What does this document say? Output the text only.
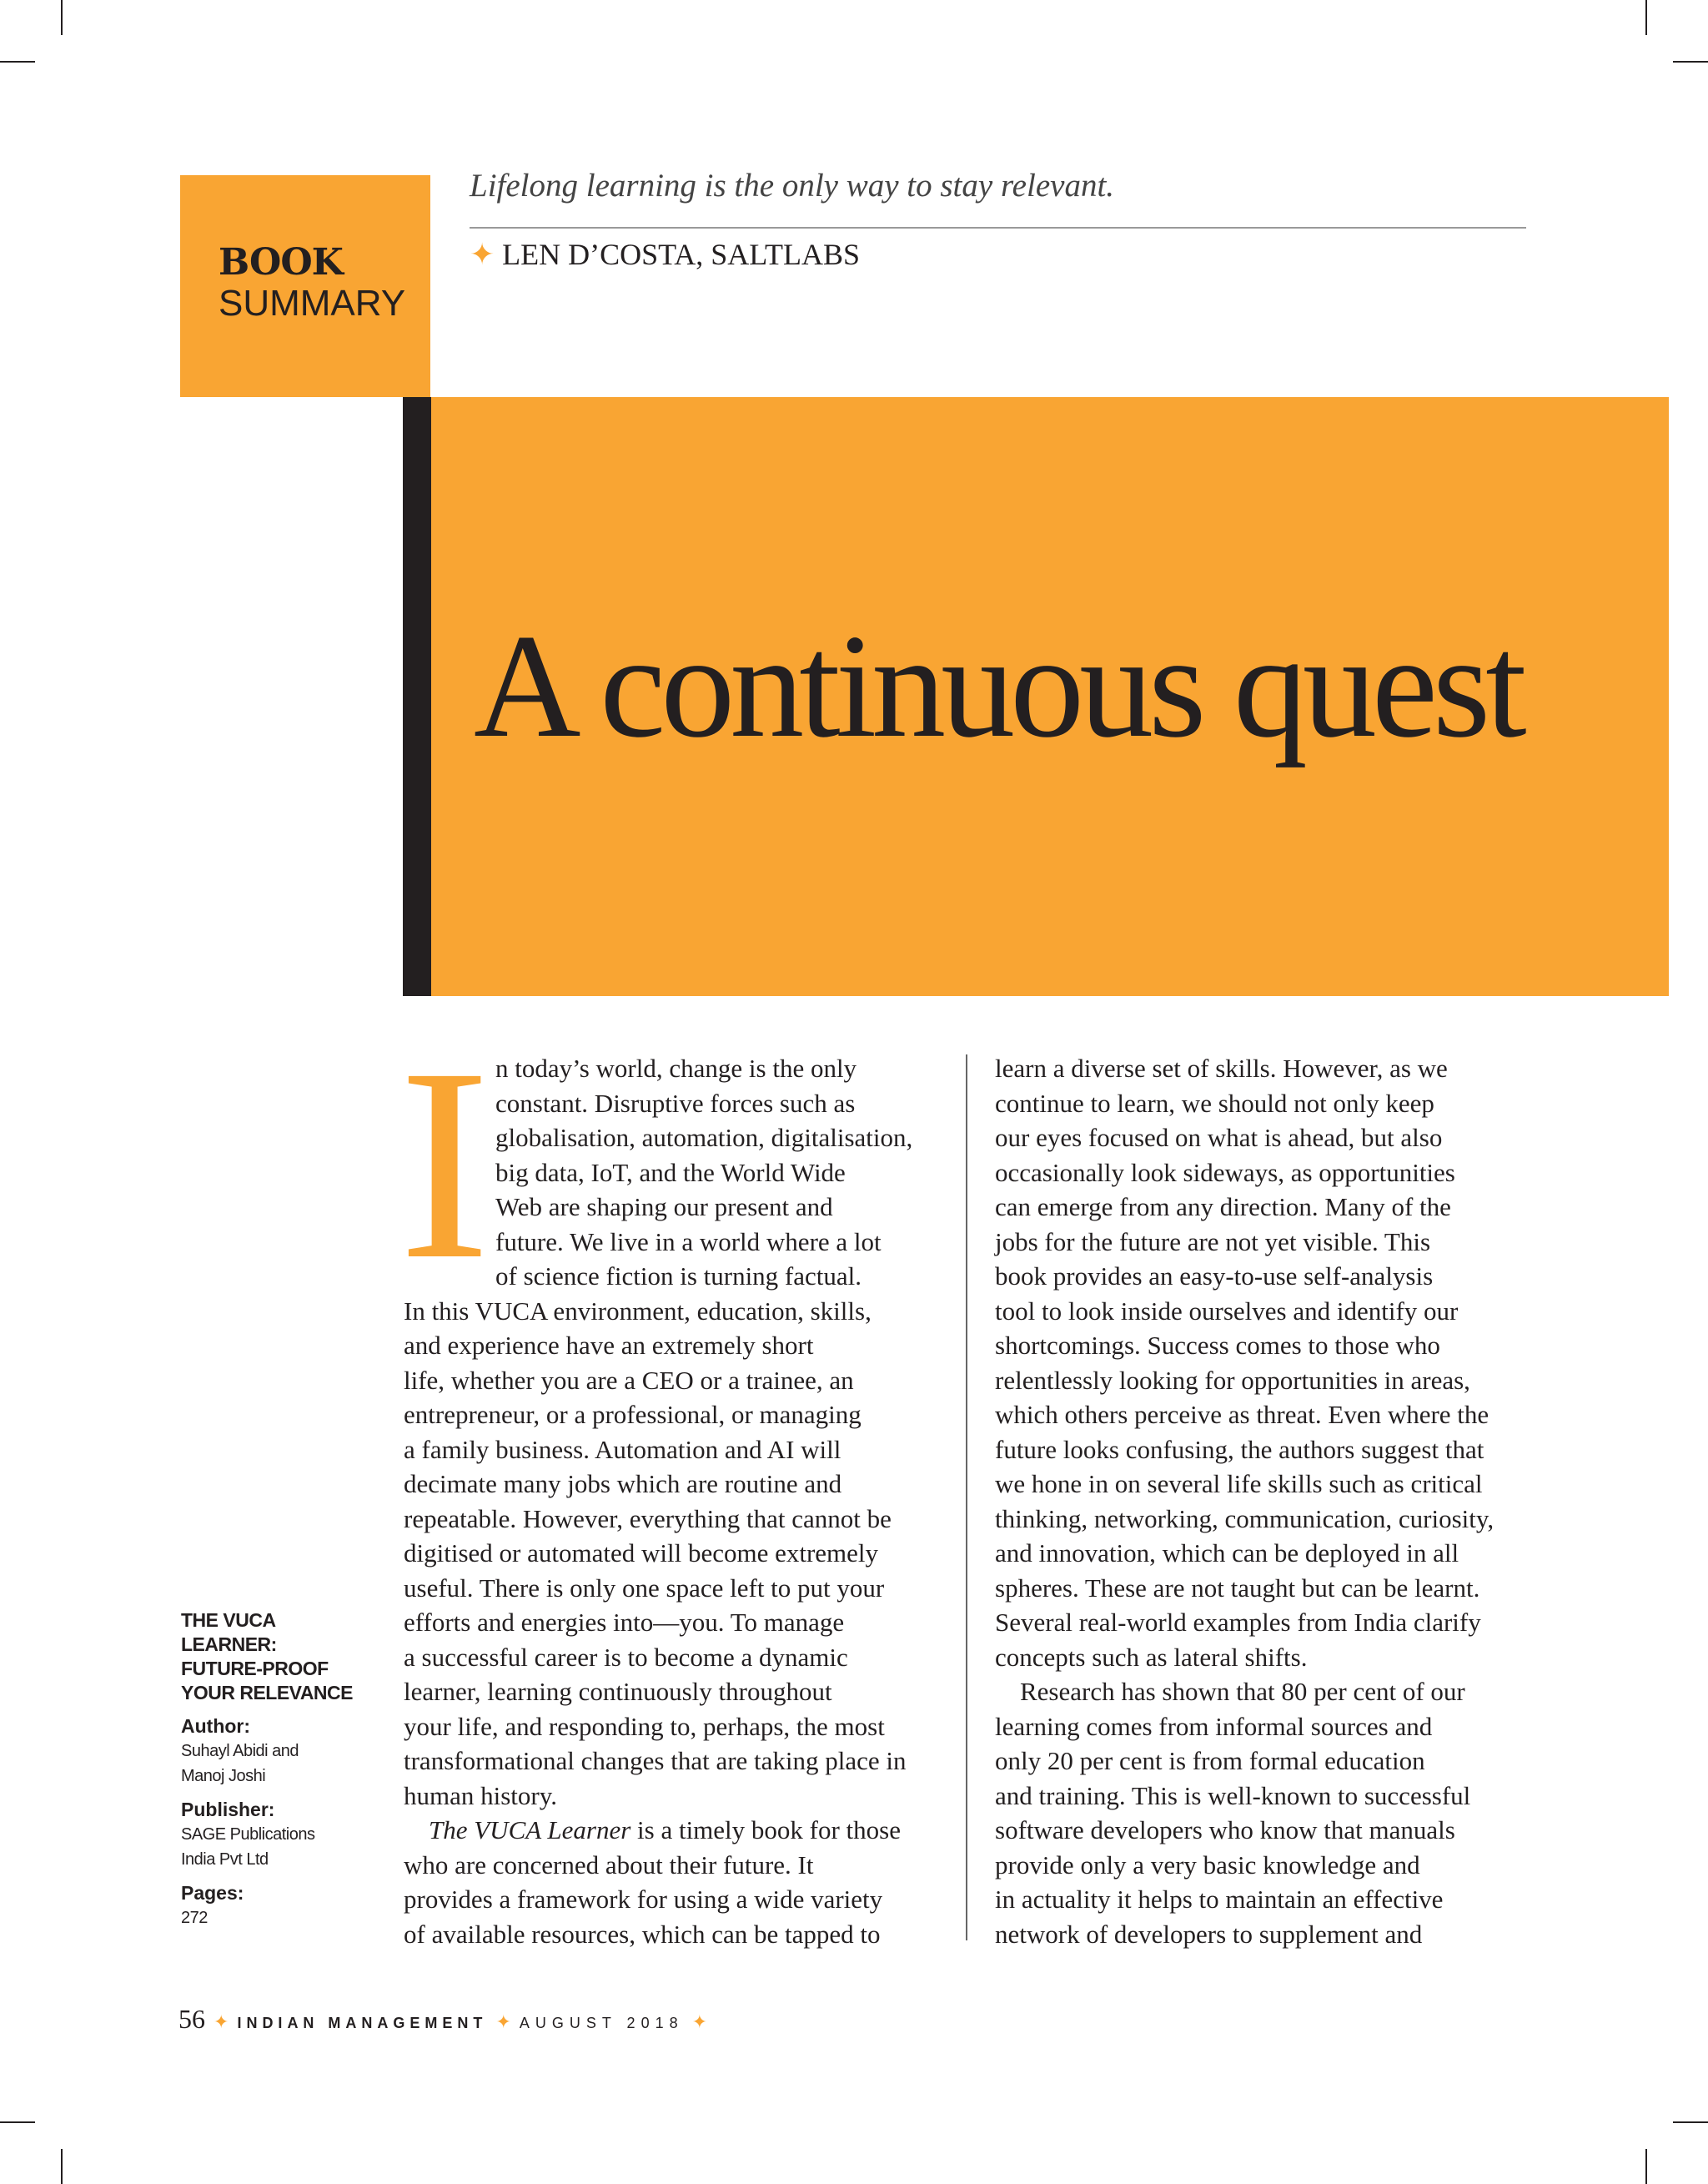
BOOK
SUMMARY
Lifelong learning is the only way to stay relevant.
✦ LEN D’COSTA, SALTLABS
A continuous quest
I n today’s world, change is the only
constant. Disruptive forces such as
globalisation, automation, digitalisation,
big data, IoT, and the World Wide
Web are shaping our present and
future. We live in a world where a lot
of science fiction is turning factual.
In this VUCA environment, education, skills,
and experience have an extremely short
life, whether you are a CEO or a trainee, an
entrepreneur, or a professional, or managing
a family business. Automation and AI will
decimate many jobs which are routine and
repeatable. However, everything that cannot be
digitised or automated will become extremely
useful. There is only one space left to put your
efforts and energies into—you. To manage
a successful career is to become a dynamic
learner, learning continuously throughout
your life, and responding to, perhaps, the most
transformational changes that are taking place in
human history.
The VUCA Learner is a timely book for those
who are concerned about their future. It
provides a framework for using a wide variety
of available resources, which can be tapped to
learn a diverse set of skills. However, as we
continue to learn, we should not only keep
our eyes focused on what is ahead, but also
occasionally look sideways, as opportunities
can emerge from any direction. Many of the
jobs for the future are not yet visible. This
book provides an easy-to-use self-analysis
tool to look inside ourselves and identify our
shortcomings. Success comes to those who
relentlessly looking for opportunities in areas,
which others perceive as threat. Even where the
future looks confusing, the authors suggest that
we hone in on several life skills such as critical
thinking, networking, communication, curiosity,
and innovation, which can be deployed in all
spheres. These are not taught but can be learnt.
Several real-world examples from India clarify
concepts such as lateral shifts.
Research has shown that 80 per cent of our
learning comes from informal sources and
only 20 per cent is from formal education
and training. This is well-known to successful
software developers who know that manuals
provide only a very basic knowledge and
in actuality it helps to maintain an effective
network of developers to supplement and
THE VUCA
LEARNER:
FUTURE-PROOF
YOUR RELEVANCE
Author:
Suhayl Abidi and
Manoj Joshi
Publisher:
SAGE Publications
India Pvt Ltd
Pages:
272
56 ✦ INDIAN MANAGEMENT ✦ AUGUST 2018 ✦
